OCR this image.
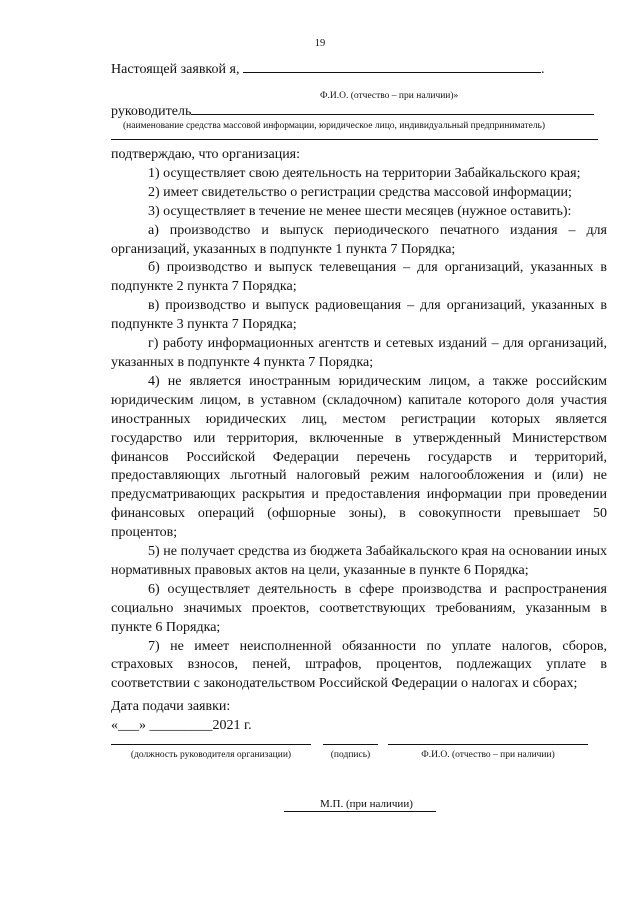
19
Настоящей заявкой я,	.
Ф.И.О. (отчество – при наличии)»
руководитель
(наименование средства массовой информации, юридическое лицо, индивидуальный предприниматель)

подтверждаю, что организация:

1) осуществляет свою деятельность на территории Забайкальского края;

2) имеет свидетельство о регистрации средства массовой информации;

3) осуществляет в течение не менее шести месяцев (нужное оставить):

а) производство и выпуск периодического печатного издания – для организаций, указанных в подпункте 1 пункта 7 Порядка;

б) производство и выпуск телевещания – для организаций, указанных в подпункте 2 пункта 7 Порядка;

в) производство и выпуск радиовещания – для организаций, указанных в подпункте 3 пункта 7 Порядка;

г) работу информационных агентств и сетевых изданий – для организаций, указанных в подпункте 4 пункта 7 Порядка;

4) не является иностранным юридическим лицом, а также российским юридическим лицом, в уставном (складочном) капитале которого доля участия иностранных юридических лиц, местом регистрации которых является государство или территория, включенные в утвержденный Министерством финансов Российской Федерации перечень государств и территорий, предоставляющих льготный налоговый режим налогообложения и (или) не предусматривающих раскрытия и предоставления информации при проведении финансовых операций (офшорные зоны), в совокупности превышает 50 процентов;

5) не получает средства из бюджета Забайкальского края на основании иных нормативных правовых актов на цели, указанные в пункте 6 Порядка;

6) осуществляет деятельность в сфере производства и распространения социально значимых проектов, соответствующих требованиям, указанным в пункте 6 Порядка;

7) не имеет неисполненной обязанности по уплате налогов, сборов, страховых взносов, пеней, штрафов, процентов, подлежащих уплате в соответствии с законодательством Российской Федерации о налогах и сборах;

Дата подачи заявки:
«___» _________2021 г.
(должность руководителя организации)	(подпись)	Ф.И.О. (отчество – при наличии)
М.П. (при наличии)
